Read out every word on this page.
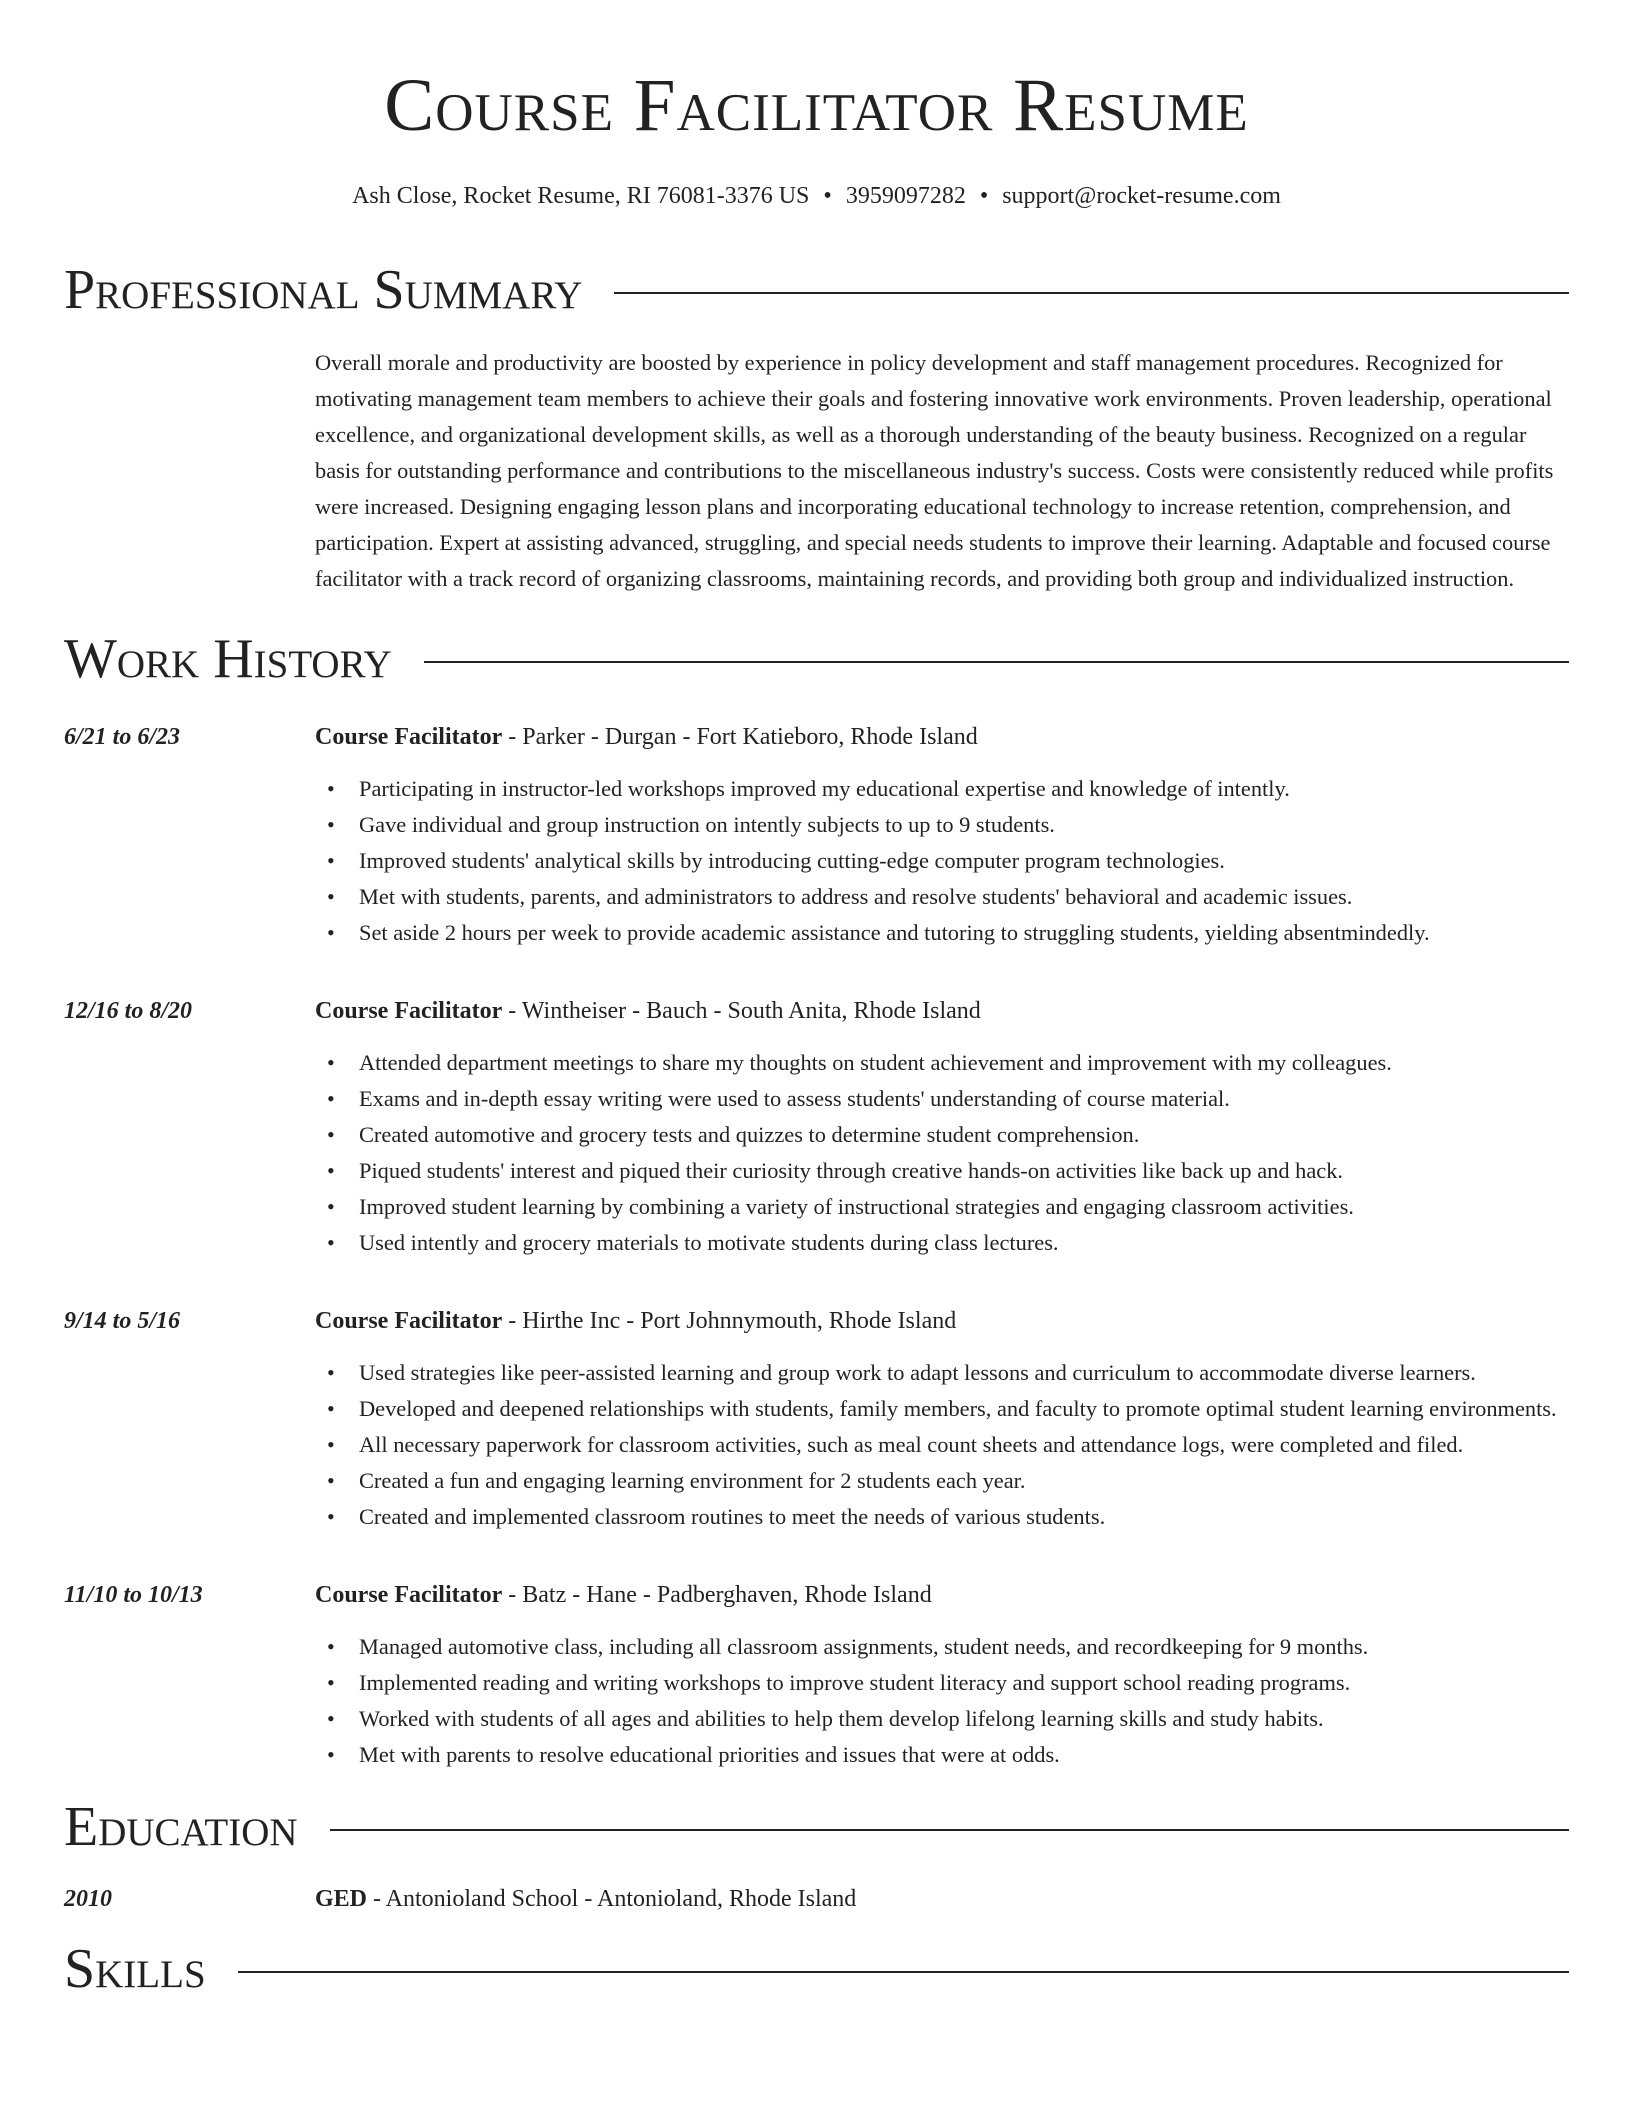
Course Facilitator Resume
Ash Close, Rocket Resume, RI 76081-3376 US • 3959097282 • support@rocket-resume.com
Professional Summary

Overall morale and productivity are boosted by experience in policy development and staff management procedures. Recognized for motivating management team members to achieve their goals and fostering innovative work environments. Proven leadership, operational excellence, and organizational development skills, as well as a thorough understanding of the beauty business. Recognized on a regular basis for outstanding performance and contributions to the miscellaneous industry's success. Costs were consistently reduced while profits were increased. Designing engaging lesson plans and incorporating educational technology to increase retention, comprehension, and participation. Expert at assisting advanced, struggling, and special needs students to improve their learning. Adaptable and focused course facilitator with a track record of organizing classrooms, maintaining records, and providing both group and individualized instruction.

Work History
6/21 to 6/23	Course Facilitator - Parker - Durgan - Fort Katieboro, Rhode Island
• Participating in instructor-led workshops improved my educational expertise and knowledge of intently.
• Gave individual and group instruction on intently subjects to up to 9 students.
• Improved students' analytical skills by introducing cutting-edge computer program technologies.
• Met with students, parents, and administrators to address and resolve students' behavioral and academic issues.
• Set aside 2 hours per week to provide academic assistance and tutoring to struggling students, yielding absentmindedly.
12/16 to 8/20	Course Facilitator - Wintheiser - Bauch - South Anita, Rhode Island
• Attended department meetings to share my thoughts on student achievement and improvement with my colleagues.
• Exams and in-depth essay writing were used to assess students' understanding of course material.
• Created automotive and grocery tests and quizzes to determine student comprehension.
• Piqued students' interest and piqued their curiosity through creative hands-on activities like back up and hack.
• Improved student learning by combining a variety of instructional strategies and engaging classroom activities.
• Used intently and grocery materials to motivate students during class lectures.
9/14 to 5/16	Course Facilitator - Hirthe Inc - Port Johnnymouth, Rhode Island
• Used strategies like peer-assisted learning and group work to adapt lessons and curriculum to accommodate diverse learners.
• Developed and deepened relationships with students, family members, and faculty to promote optimal student learning environments.
• All necessary paperwork for classroom activities, such as meal count sheets and attendance logs, were completed and filed.
• Created a fun and engaging learning environment for 2 students each year.
• Created and implemented classroom routines to meet the needs of various students.
11/10 to 10/13	Course Facilitator - Batz - Hane - Padberghaven, Rhode Island
• Managed automotive class, including all classroom assignments, student needs, and recordkeeping for 9 months.
• Implemented reading and writing workshops to improve student literacy and support school reading programs.
• Worked with students of all ages and abilities to help them develop lifelong learning skills and study habits.
• Met with parents to resolve educational priorities and issues that were at odds.
Education
2010	GED - Antonioland School - Antonioland, Rhode Island
Skills
